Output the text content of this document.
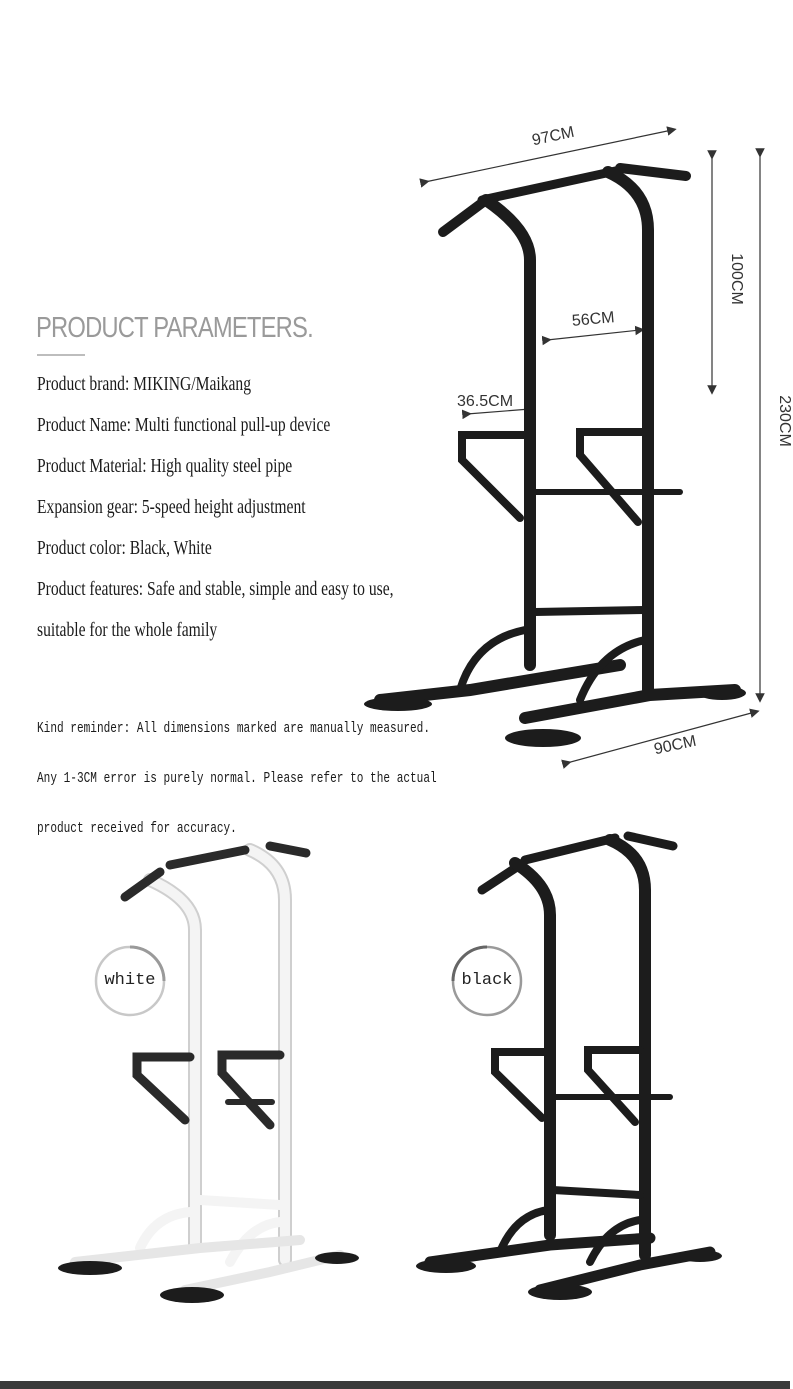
97CM
100CM
230CM
56CM
36.5CM
90CM
PRODUCT PARAMETERS.
Product brand: MIKING/Maikang
Product Name: Multi functional pull-up device
Product Material: High quality steel pipe
Expansion gear: 5-speed height adjustment
Product color: Black, White
Product features: Safe and stable, simple and easy to use,
suitable for the whole family

Kind reminder: All dimensions marked are manually measured.

Any 1-3CM error is purely normal. Please refer to the actual

product received for accuracy.

white	black
